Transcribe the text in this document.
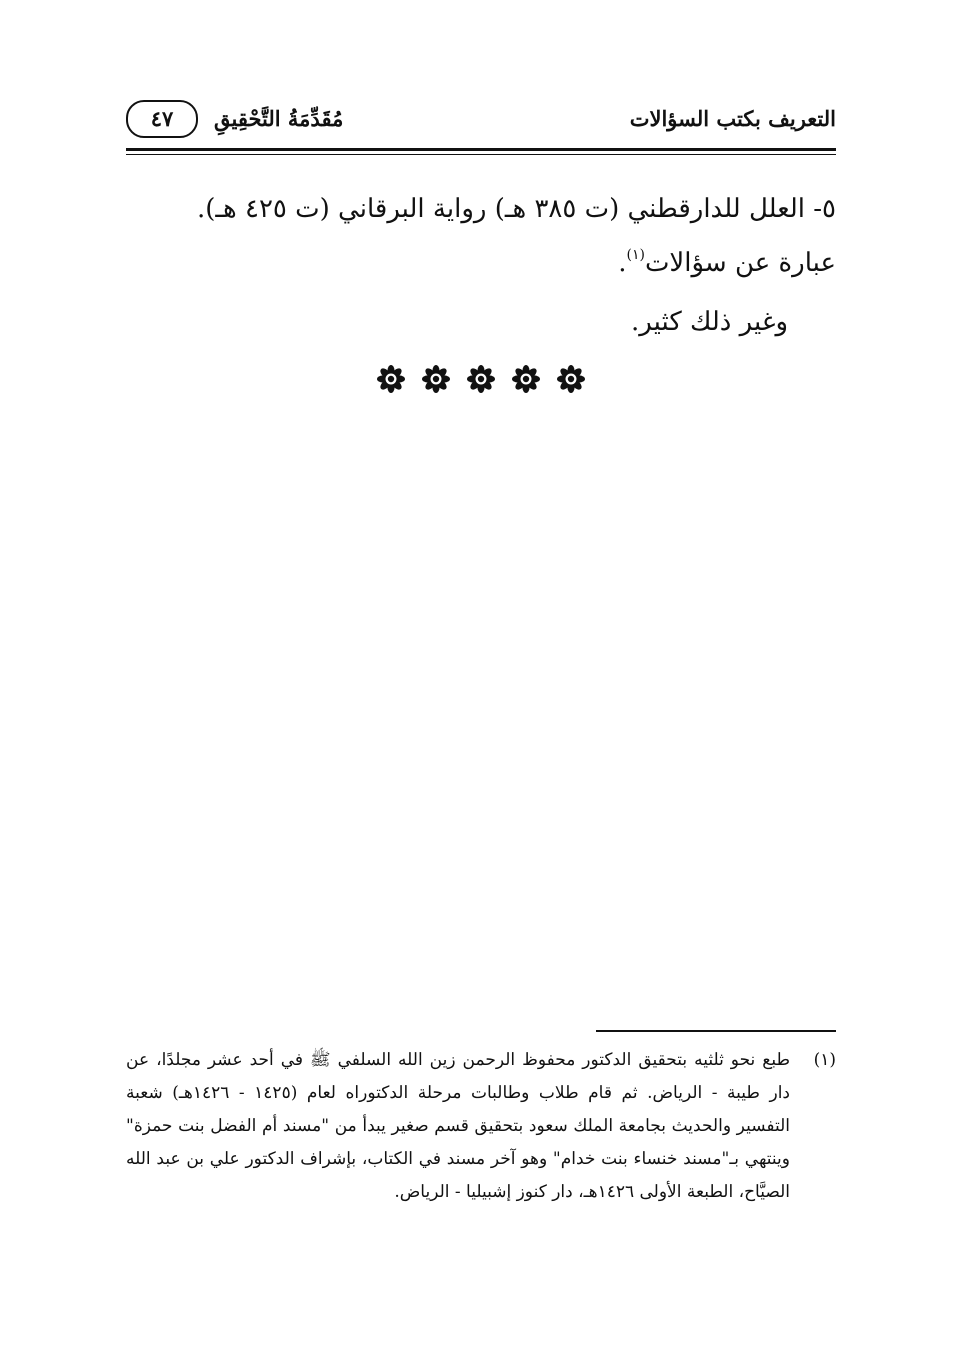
التعريف بكتب السؤالات
مُقَدِّمَةُ التَّحْقِيقِ
٤٧
٥- العلل للدارقطني (ت ٣٨٥ هـ) رواية البرقاني (ت ٤٢٥ هـ).
عبارة عن سؤالات$^{(١)}$.
وغير ذلك كثير.
(١)
طبع نحو ثلثيه بتحقيق الدكتور محفوظ الرحمن زين الله السلفي ﷺ في أحد عشر مجلدًا، عن دار طيبة - الرياض. ثم قام طلاب وطالبات مرحلة الدكتوراه لعام (١٤٢٥ - ١٤٢٦هـ) شعبة التفسير والحديث بجامعة الملك سعود بتحقيق قسم صغير يبدأ من "مسند أم الفضل بنت حمزة" وينتهي بـ"مسند خنساء بنت خدام" وهو آخر مسند في الكتاب، بإشراف الدكتور علي بن عبد الله الصيَّاح، الطبعة الأولى ١٤٢٦هـ، دار كنوز إشبيليا - الرياض.
